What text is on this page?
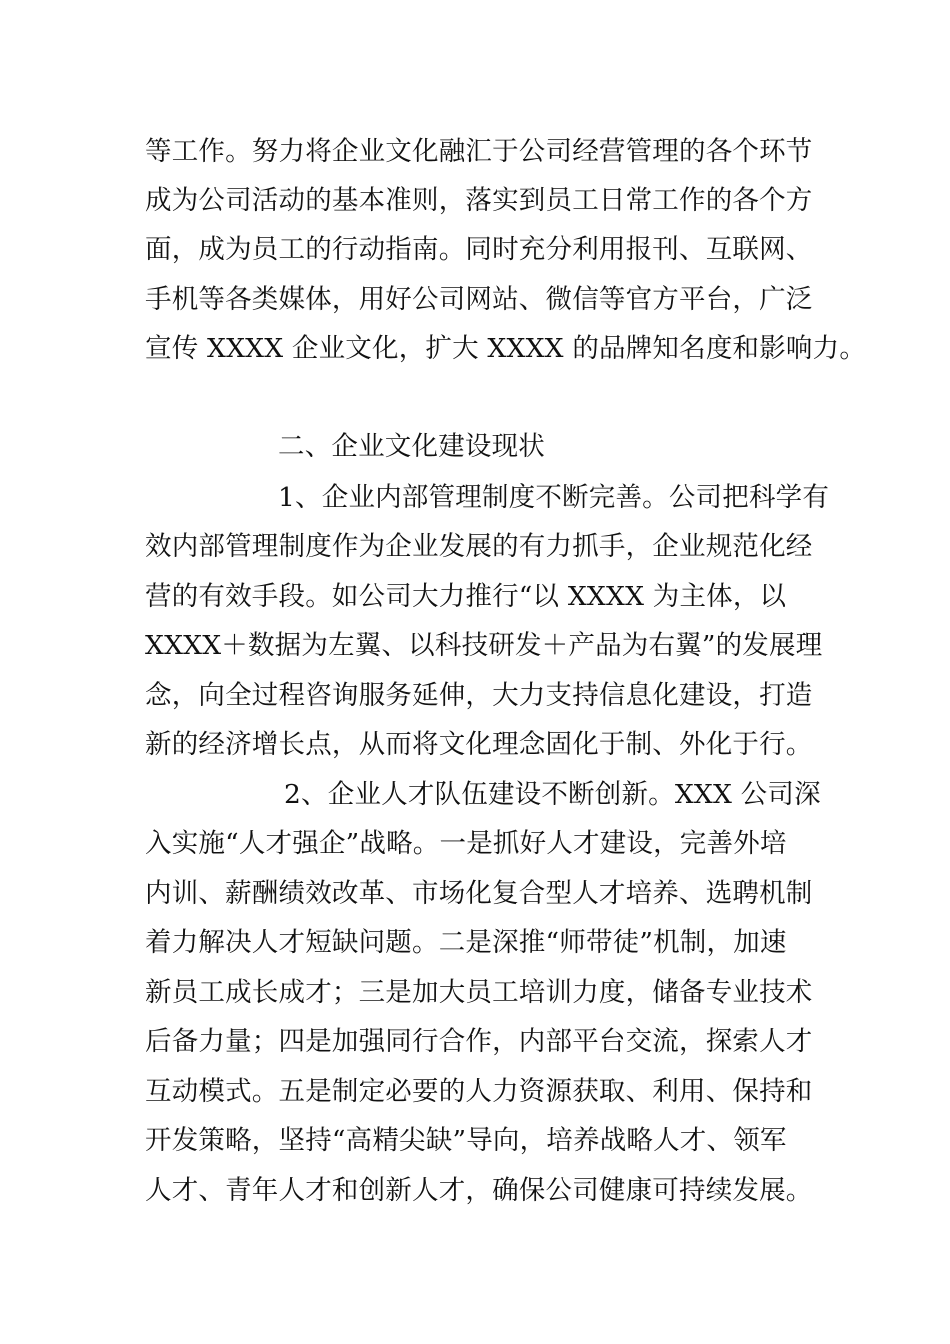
等工作。努力将企业文化融汇于公司经营管理的各个环节
成为公司活动的基本准则，落实到员工日常工作的各个方
面，成为员工的行动指南。同时充分利用报刊、互联网、
手机等各类媒体，用好公司网站、微信等官方平台，广泛
宣传 XXXX 企业文化，扩大 XXXX 的品牌知名度和影响力。
二、企业文化建设现状
1、企业内部管理制度不断完善。公司把科学有
效内部管理制度作为企业发展的有力抓手，企业规范化经
营的有效手段。如公司大力推行“以 XXXX 为主体，以
XXXX＋数据为左翼、以科技研发＋产品为右翼”的发展理
念，向全过程咨询服务延伸，大力支持信息化建设，打造
新的经济增长点，从而将文化理念固化于制、外化于行。
2、企业人才队伍建设不断创新。XXX 公司深
入实施“人才强企”战略。一是抓好人才建设，完善外培
内训、薪酬绩效改革、市场化复合型人才培养、选聘机制
着力解决人才短缺问题。二是深推“师带徒”机制，加速
新员工成长成才；三是加大员工培训力度，储备专业技术
后备力量；四是加强同行合作，内部平台交流，探索人才
互动模式。五是制定必要的人力资源获取、利用、保持和
开发策略，坚持“高精尖缺”导向，培养战略人才、领军
人才、青年人才和创新人才，确保公司健康可持续发展。
